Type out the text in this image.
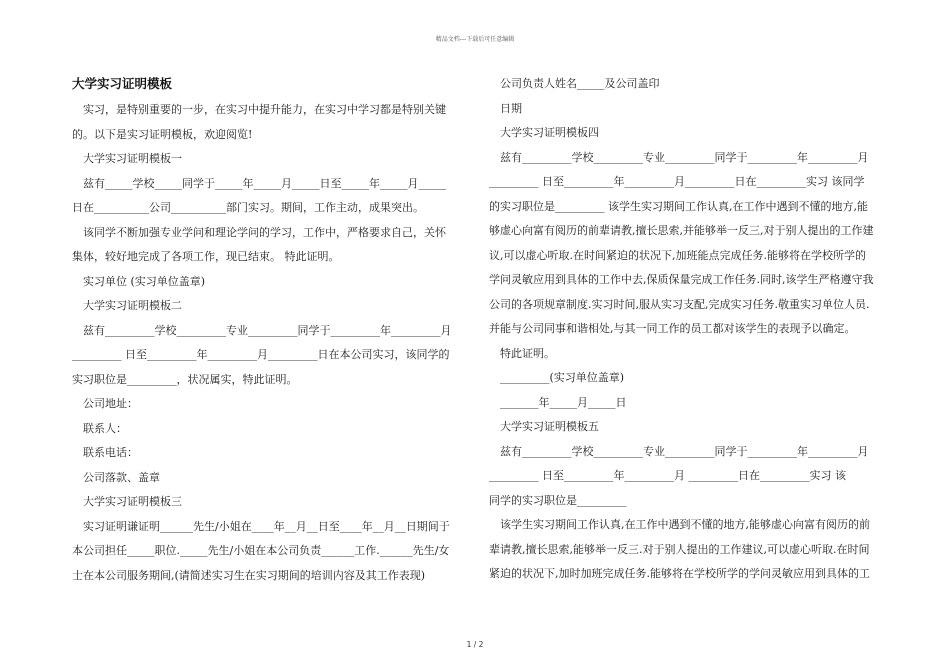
精品文档---下载后可任意编辑
大学实习证明模板
实习，是特别重要的一步，在实习中提升能力，在实习中学习都是特别关键
的。以下是实习证明模板，欢迎阅览!
大学实习证明模板一
兹有_____学校_____同学于_____年_____月_____日至_____年_____月_____
日在__________公司__________部门实习。期间，工作主动，成果突出。
该同学不断加强专业学问和理论学问的学习，工作中，严格要求自己，关怀
集体，较好地完成了各项工作，现已结束。 特此证明。
实习单位 (实习单位盖章)
大学实习证明模板二
兹有_________学校_________专业_________同学于_________年_________月
_________ 日至_________年_________月_________日在本公司实习，该同学的
实习职位是_________，状况属实，特此证明。
公司地址：
联系人：
联系电话：
公司落款、盖章
大学实习证明模板三
实习证明谦证明______先生/小姐在____年__月__日至____年__月__日期间于
本公司担任_____职位._____先生/小姐在本公司负责______工作.______先生/女
士在本公司服务期间,(请简述实习生在实习期间的培训内容及其工作表现)
公司负责人姓名_____及公司盖印
日期
大学实习证明模板四
兹有_________学校_________专业_________同学于_________年_________月
_________ 日至_________年_________月_________日在_________实习 该同学
的实习职位是_________ 该学生实习期间工作认真,在工作中遇到不懂的地方,能
够虚心向富有阅历的前辈请教,擅长思索,并能够举一反三,对于别人提出的工作建
议,可以虚心听取.在时间紧迫的状况下,加班能点完成任务.能够将在学校所学的
学问灵敏应用到具体的工作中去,保质保量完成工作任务.同时,该学生严格遵守我
公司的各项规章制度.实习时间,服从实习支配,完成实习任务.敬重实习单位人员.
并能与公司同事和谐相处,与其一同工作的员工都对该学生的表现予以确定。
特此证明。
_________(实习单位盖章)
_______年_____月_____日
大学实习证明模板五
兹有_________学校_________专业_________同学于_________年_________月
_________ 日至_________年_________月 _________日在_________实习 该
同学的实习职位是_________
该学生实习期间工作认真,在工作中遇到不懂的地方,能够虚心向富有阅历的前
辈请教,擅长思索,能够举一反三.对于别人提出的工作建议,可以虚心听取.在时间
紧迫的状况下,加时加班完成任务.能够将在学校所学的学问灵敏应用到具体的工
1 / 2
